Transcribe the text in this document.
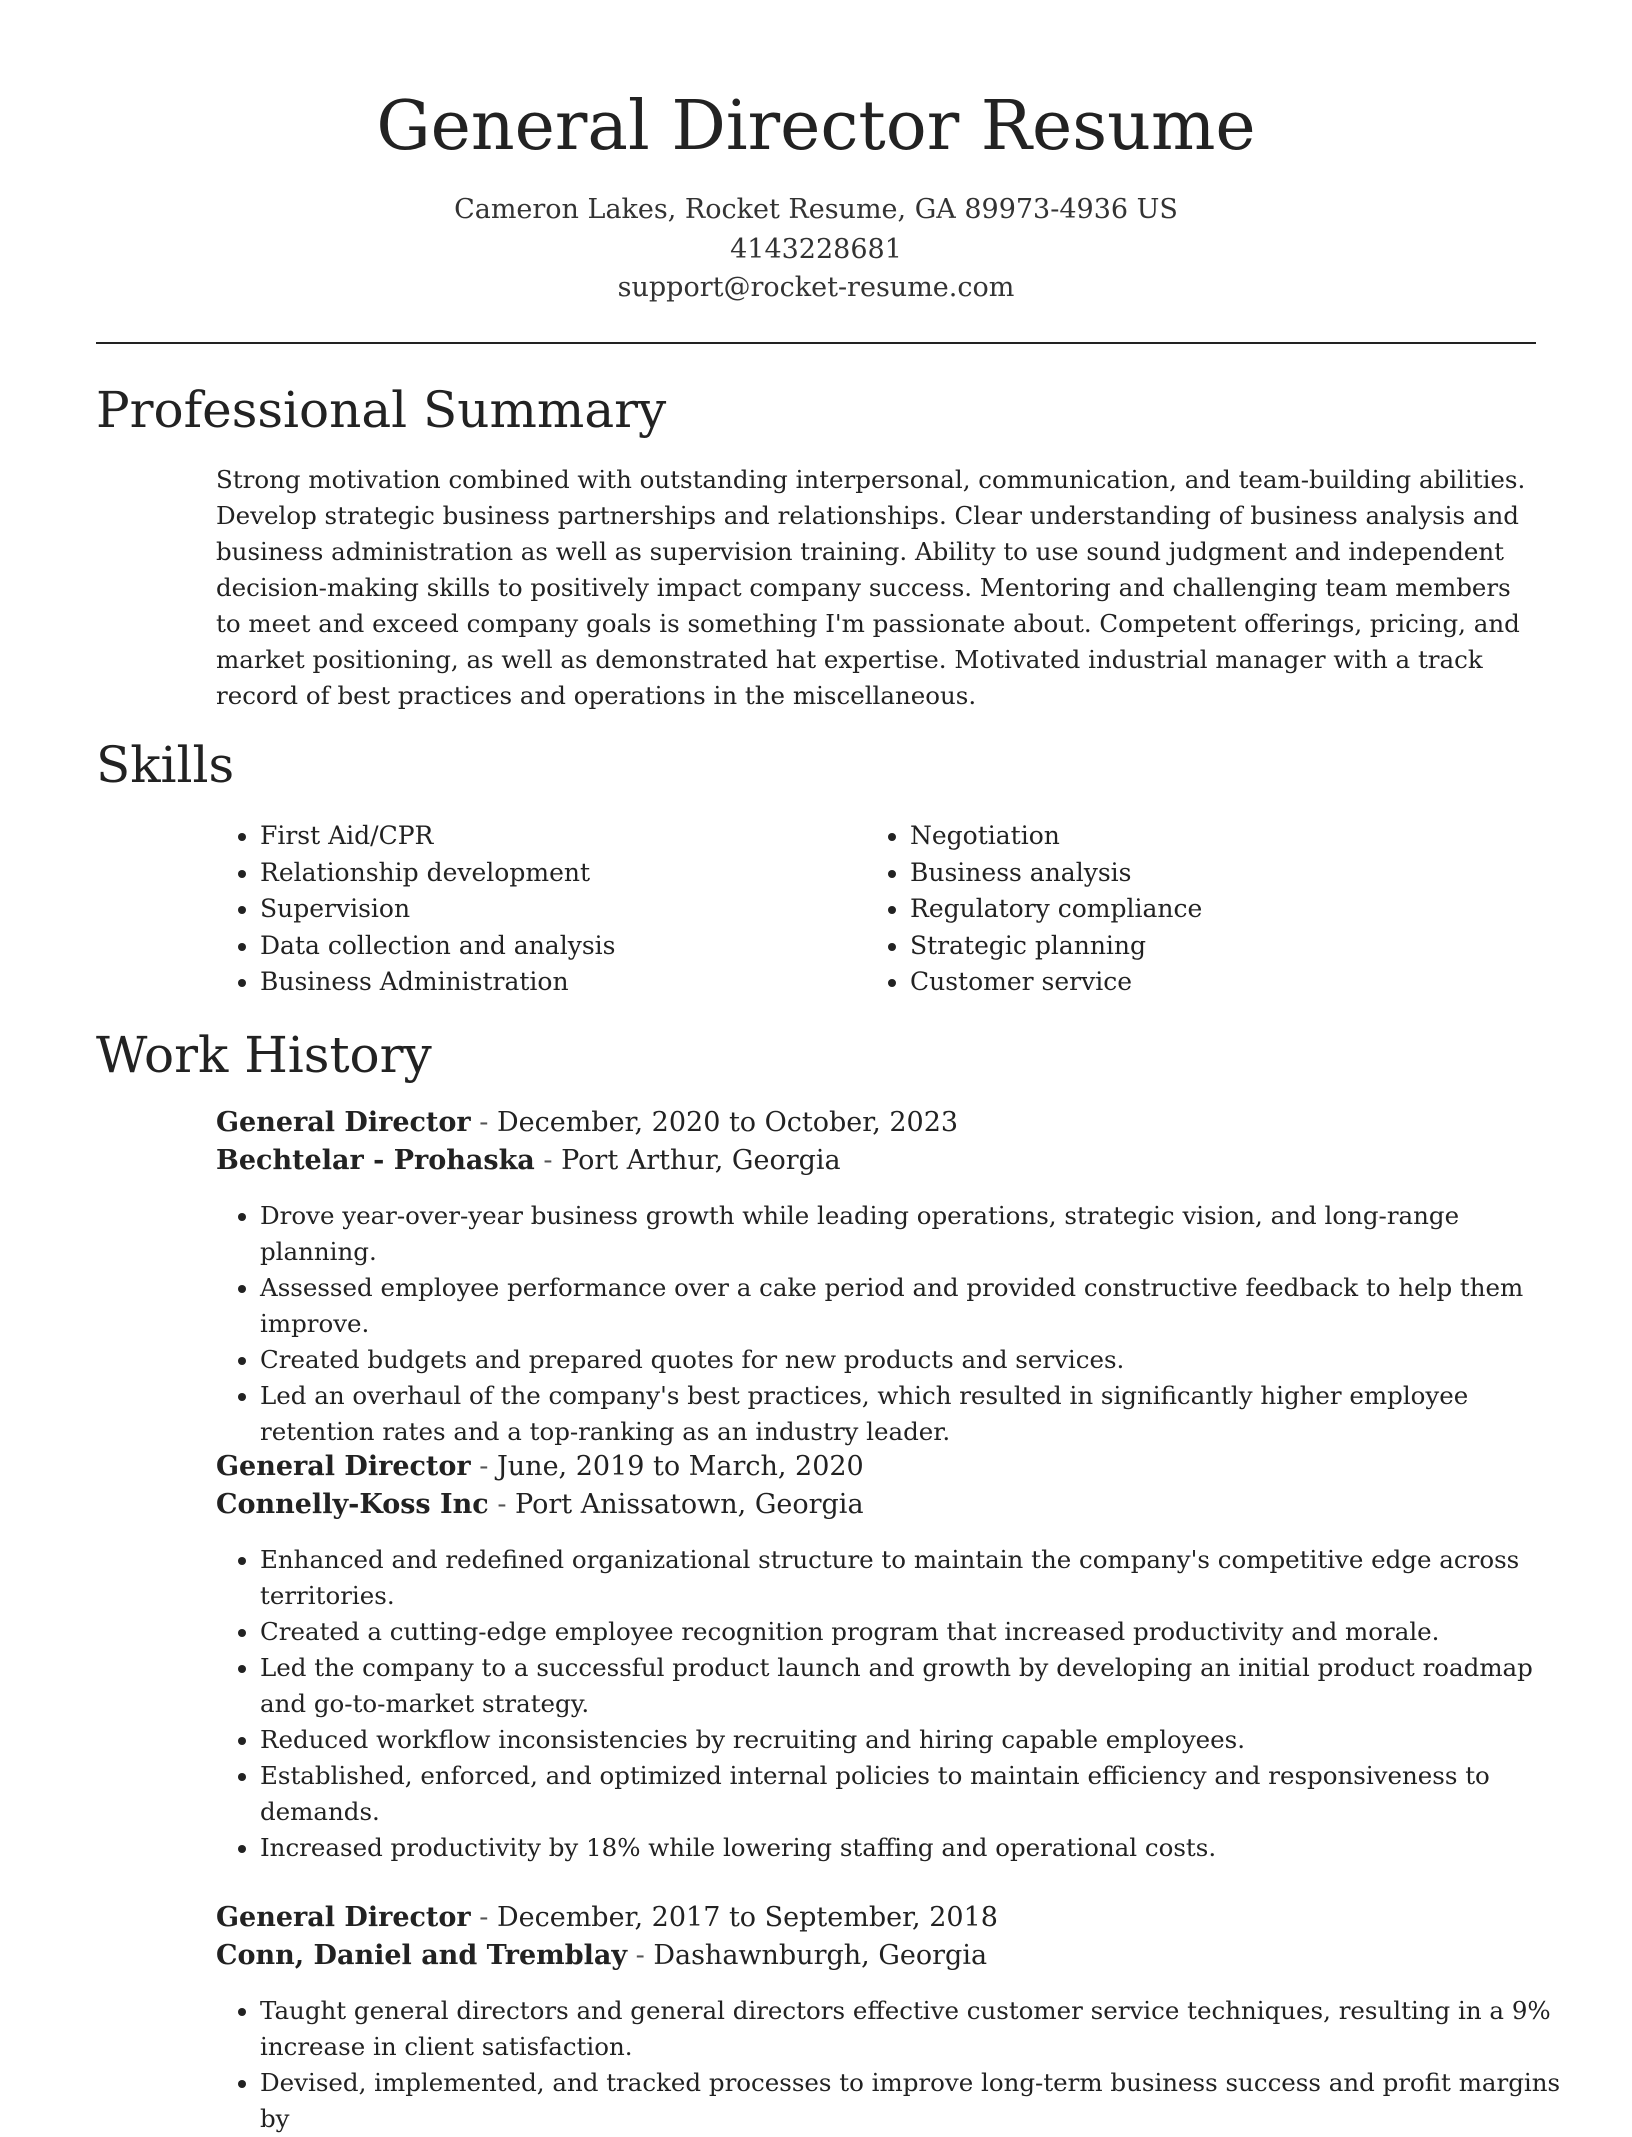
General Director Resume
Cameron Lakes, Rocket Resume, GA 89973-4936 US
4143228681
support@rocket-resume.com
Professional Summary

Strong motivation combined with outstanding interpersonal, communication, and team-building abilities. Develop strategic business partnerships and relationships. Clear understanding of business analysis and business administration as well as supervision training. Ability to use sound judgment and independent decision-making skills to positively impact company success. Mentoring and challenging team members to meet and exceed company goals is something I'm passionate about. Competent offerings, pricing, and market positioning, as well as demonstrated hat expertise. Motivated industrial manager with a track record of best practices and operations in the miscellaneous.

Skills
• First Aid/CPR
• Relationship development
• Supervision
• Data collection and analysis
• Business Administration
• Negotiation
• Business analysis
• Regulatory compliance
• Strategic planning
• Customer service
Work History
General Director - December, 2020 to October, 2023
Bechtelar - Prohaska - Port Arthur, Georgia
• Drove year-over-year business growth while leading operations, strategic vision, and long-range planning.
• Assessed employee performance over a cake period and provided constructive feedback to help them improve.
• Created budgets and prepared quotes for new products and services.
• Led an overhaul of the company's best practices, which resulted in significantly higher employee retention rates and a top-ranking as an industry leader.
General Director - June, 2019 to March, 2020
Connelly-Koss Inc - Port Anissatown, Georgia
• Enhanced and redefined organizational structure to maintain the company's competitive edge across territories.
• Created a cutting-edge employee recognition program that increased productivity and morale.
• Led the company to a successful product launch and growth by developing an initial product roadmap and go-to-market strategy.
• Reduced workflow inconsistencies by recruiting and hiring capable employees.
• Established, enforced, and optimized internal policies to maintain efficiency and responsiveness to demands.
• Increased productivity by 18% while lowering staffing and operational costs.
General Director - December, 2017 to September, 2018
Conn, Daniel and Tremblay - Dashawnburgh, Georgia
• Taught general directors and general directors effective customer service techniques, resulting in a 9% increase in client satisfaction.
• Devised, implemented, and tracked processes to improve long-term business success and profit margins by
